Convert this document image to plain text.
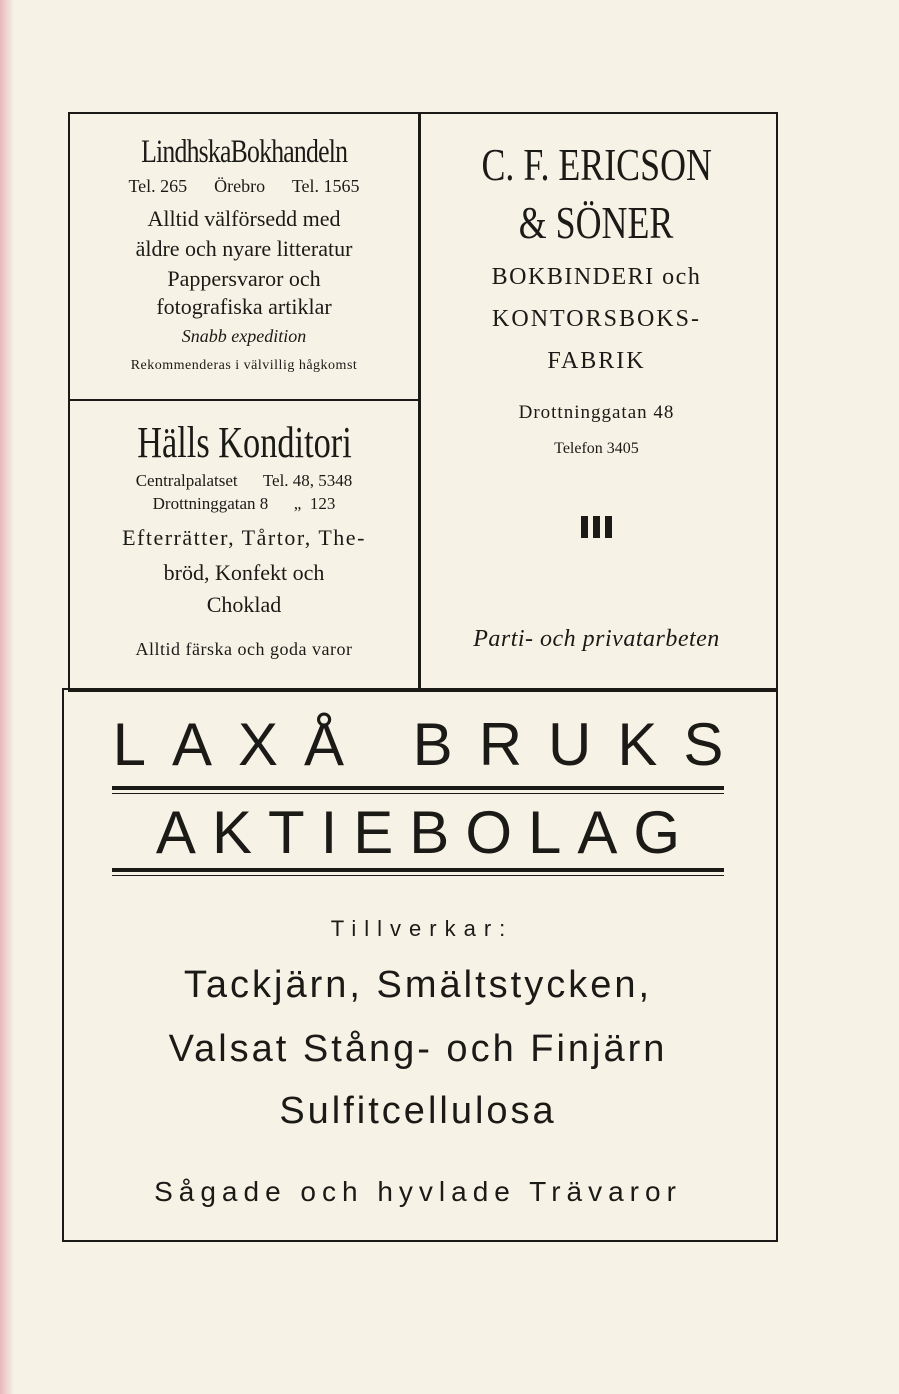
LindhskaBokhandeln
Tel. 265      Örebro      Tel. 1565
Alltid välförsedd med
äldre och nyare litteratur
Pappersvaror och
fotografiska artiklar
Snabb expedition
Rekommenderas i välvillig hågkomst
Hälls Konditori
Centralpalatset      Tel. 48, 5348
Drottninggatan 8      „  123
Efterrätter, Tårtor, The-
bröd, Konfekt och
Choklad
Alltid färska och goda varor
C. F. ERICSON
& SÖNER
BOKBINDERI och
KONTORSBOKS-
FABRIK
Drottninggatan 48
Telefon 3405
Parti- och privatarbeten
LAXÅ BRUKS
AKTIEBOLAG
Tillverkar:
Tackjärn, Smältstycken,
Valsat Stång- och Finjärn
Sulfitcellulosa
Sågade och hyvlade Trävaror
